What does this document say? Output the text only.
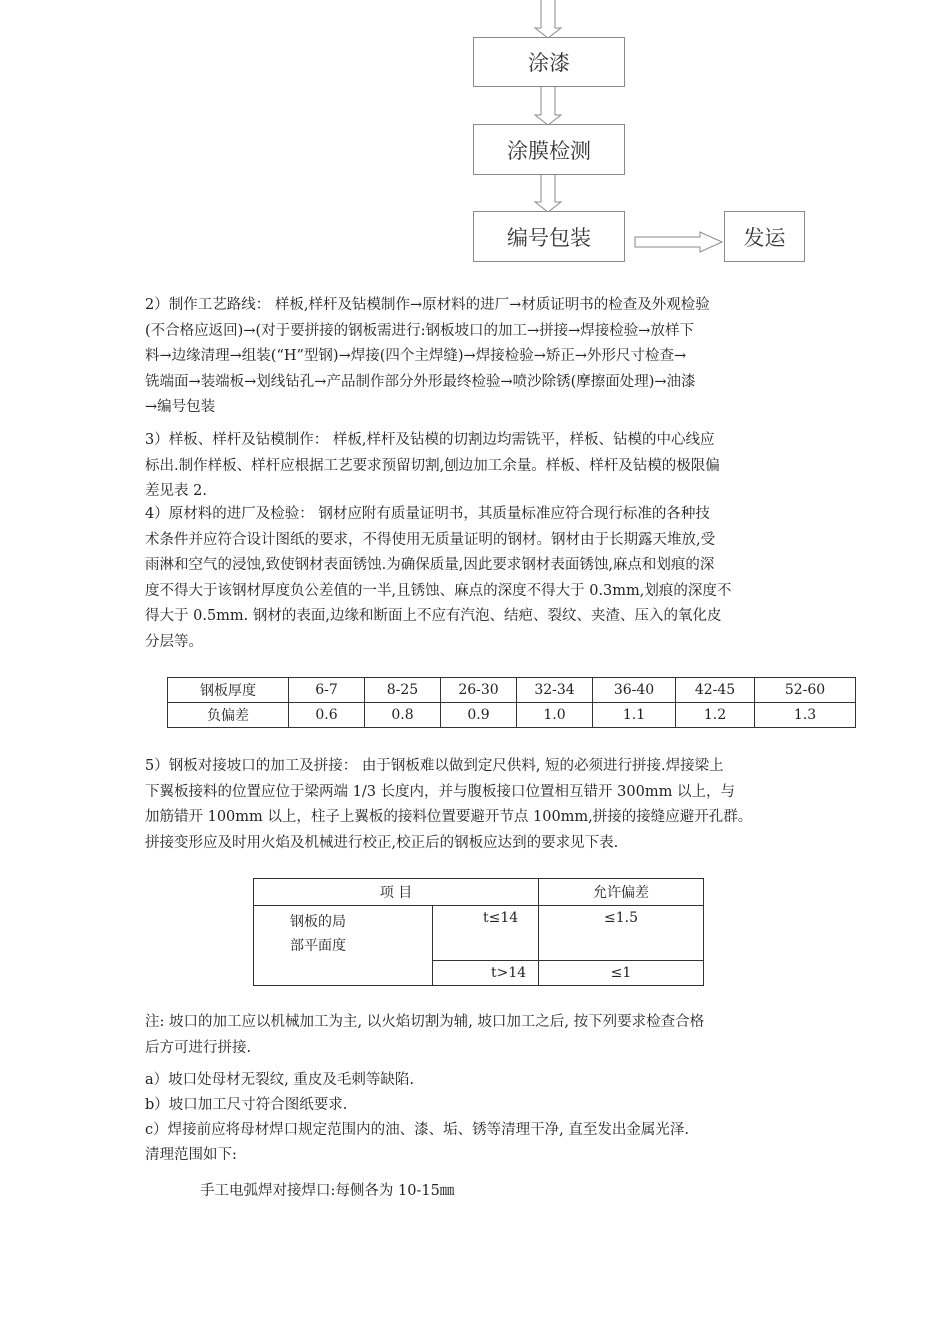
涂漆
涂膜检测
编号包装	发运
2）制作工艺路线： 样板,样杆及钻模制作→原材料的进厂→材质证明书的检查及外观检验
(不合格应返回)→(对于要拼接的钢板需进行:钢板坡口的加工→拼接→焊接检验→放样下
料→边缘清理→组装(“H”型钢)→焊接(四个主焊缝)→焊接检验→矫正→外形尺寸检查→
铣端面→装端板→划线钻孔→产品制作部分外形最终检验→喷沙除锈(摩擦面处理)→油漆
→编号包装
3）样板、样杆及钻模制作： 样板,样杆及钻模的切割边均需铣平，样板、钻模的中心线应
标出.制作样板、样杆应根据工艺要求预留切割,刨边加工余量。样板、样杆及钻模的极限偏
差见表 2.
4）原材料的进厂及检验： 钢材应附有质量证明书，其质量标准应符合现行标准的各种技
术条件并应符合设计图纸的要求，不得使用无质量证明的钢材。钢材由于长期露天堆放,受
雨淋和空气的浸蚀,致使钢材表面锈蚀.为确保质量,因此要求钢材表面锈蚀,麻点和划痕的深
度不得大于该钢材厚度负公差值的一半,且锈蚀、麻点的深度不得大于 0.3mm,划痕的深度不
得大于 0.5mm. 钢材的表面,边缘和断面上不应有汽泡、结疤、裂纹、夹渣、压入的氧化皮
分层等。
钢板厚度	6-7	8-25	26-30	32-34	36-40	42-45	52-60
负偏差	0.6	0.8	0.9	1.0	1.1	1.2	1.3
5）钢板对接坡口的加工及拼接： 由于钢板难以做到定尺供料, 短的必须进行拼接.焊接梁上
下翼板接料的位置应位于梁两端 1/3 长度内，并与腹板接口位置相互错开 300mm 以上，与
加筋错开 100mm 以上，柱子上翼板的接料位置要避开节点 100mm,拼接的接缝应避开孔群。
拼接变形应及时用火焰及机械进行校正,校正后的钢板应达到的要求见下表.
项 目		允许偏差

钢板的局
部平面度	t≤14	≤1.5
	t>14	≤1
注: 坡口的加工应以机械加工为主, 以火焰切割为辅, 坡口加工之后, 按下列要求检查合格
后方可进行拼接.
a）坡口处母材无裂纹, 重皮及毛刺等缺陷.
b）坡口加工尺寸符合图纸要求.
c）焊接前应将母材焊口规定范围内的油、漆、垢、锈等清理干净, 直至发出金属光泽.
清理范围如下:
手工电弧焊对接焊口:每侧各为 10-15㎜
